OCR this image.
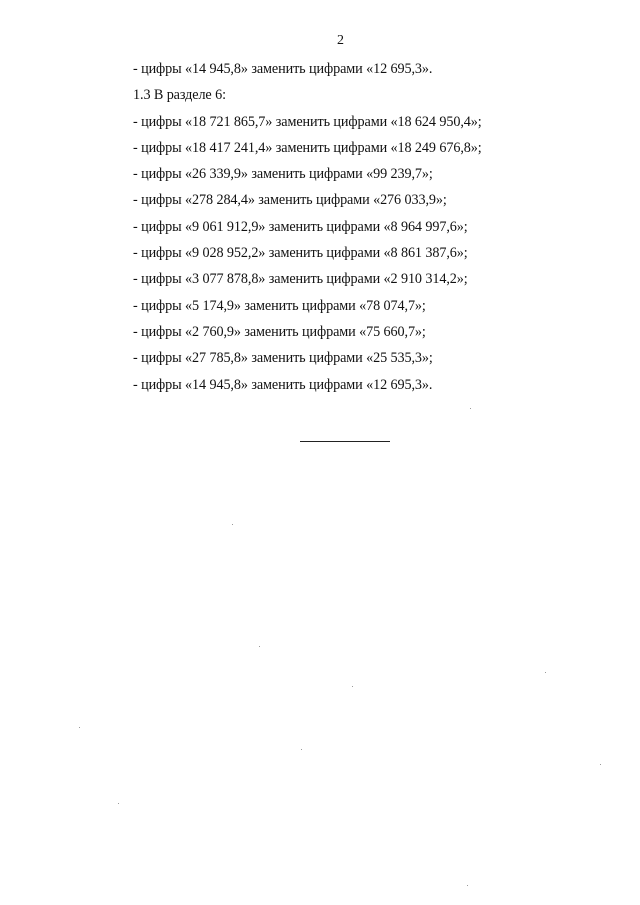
2
- цифры «14 945,8» заменить цифрами «12 695,3».
1.3 В разделе 6:
- цифры «18 721 865,7» заменить цифрами «18 624 950,4»;
- цифры «18 417 241,4» заменить цифрами «18 249 676,8»;
- цифры «26 339,9» заменить цифрами «99 239,7»;
- цифры «278 284,4» заменить цифрами «276 033,9»;
- цифры «9 061 912,9» заменить цифрами «8 964 997,6»;
- цифры «9 028 952,2» заменить цифрами «8 861 387,6»;
- цифры «3 077 878,8» заменить цифрами «2 910 314,2»;
- цифры «5 174,9» заменить цифрами «78 074,7»;
- цифры «2 760,9» заменить цифрами «75 660,7»;
- цифры «27 785,8» заменить цифрами «25 535,3»;
- цифры «14 945,8» заменить цифрами «12 695,3».
